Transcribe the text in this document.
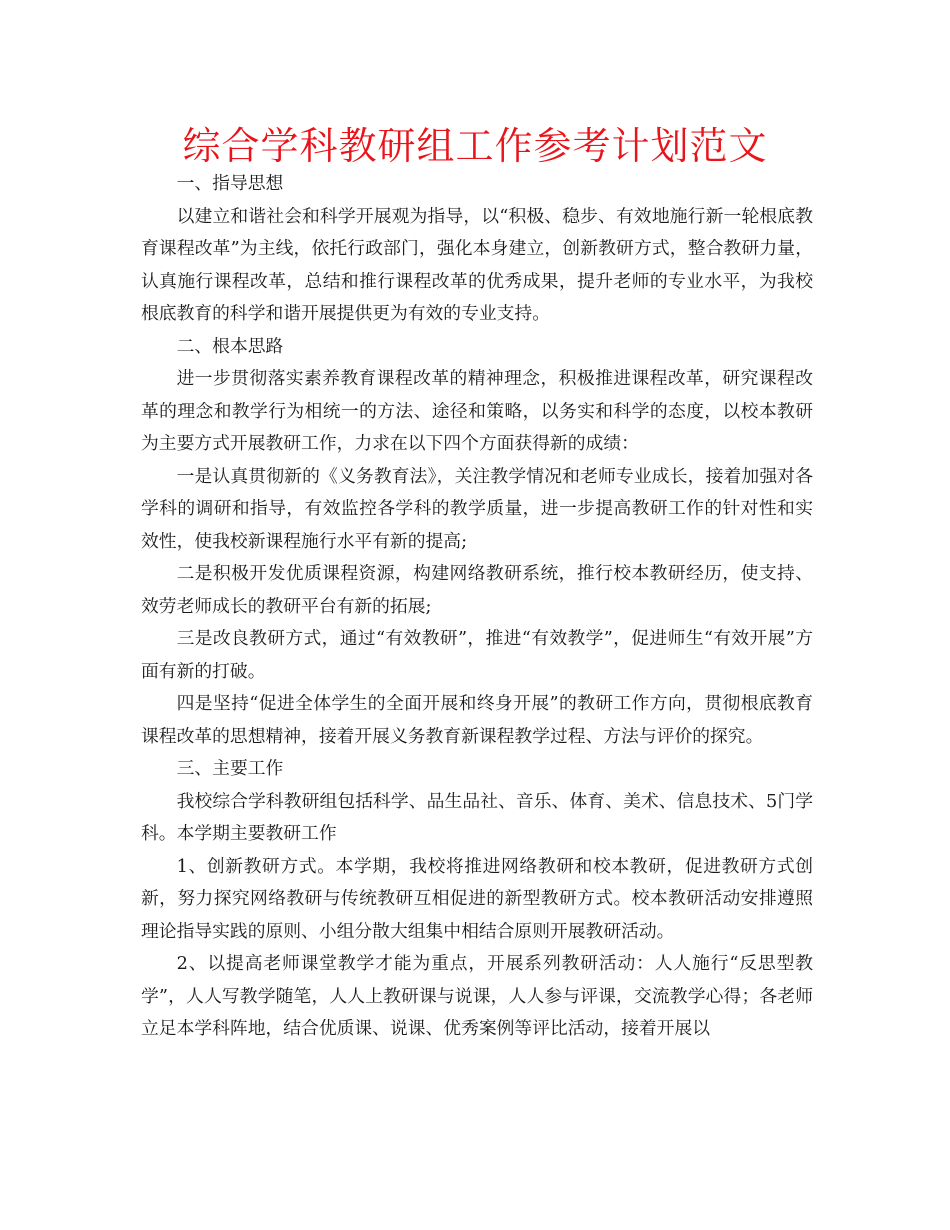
综合学科教研组工作参考计划范文

一、指导思想

以建立和谐社会和科学开展观为指导，以“积极、稳步、有效地施行新一轮根底教育课程改革”为主线，依托行政部门，强化本身建立，创新教研方式，整合教研力量，认真施行课程改革，总结和推行课程改革的优秀成果，提升老师的专业水平，为我校根底教育的科学和谐开展提供更为有效的专业支持。

二、根本思路

进一步贯彻落实素养教育课程改革的精神理念，积极推进课程改革，研究课程改革的理念和教学行为相统一的方法、途径和策略，以务实和科学的态度，以校本教研为主要方式开展教研工作，力求在以下四个方面获得新的成绩：

一是认真贯彻新的《义务教育法》，关注教学情况和老师专业成长，接着加强对各学科的调研和指导，有效监控各学科的教学质量，进一步提高教研工作的针对性和实效性，使我校新课程施行水平有新的提高;

二是积极开发优质课程资源，构建网络教研系统，推行校本教研经历，使支持、效劳老师成长的教研平台有新的拓展;

三是改良教研方式，通过“有效教研”，推进“有效教学”，促进师生“有效开展”方面有新的打破。

四是坚持“促进全体学生的全面开展和终身开展”的教研工作方向，贯彻根底教育课程改革的思想精神，接着开展义务教育新课程教学过程、方法与评价的探究。

三、主要工作

我校综合学科教研组包括科学、品生品社、音乐、体育、美术、信息技术、5门学科。本学期主要教研工作

1、创新教研方式。本学期，我校将推进网络教研和校本教研，促进教研方式创新，努力探究网络教研与传统教研互相促进的新型教研方式。校本教研活动安排遵照理论指导实践的原则、小组分散大组集中相结合原则开展教研活动。

2、以提高老师课堂教学才能为重点，开展系列教研活动：人人施行“反思型教学”，人人写教学随笔，人人上教研课与说课，人人参与评课，交流教学心得；各老师立足本学科阵地，结合优质课、说课、优秀案例等评比活动，接着开展以
